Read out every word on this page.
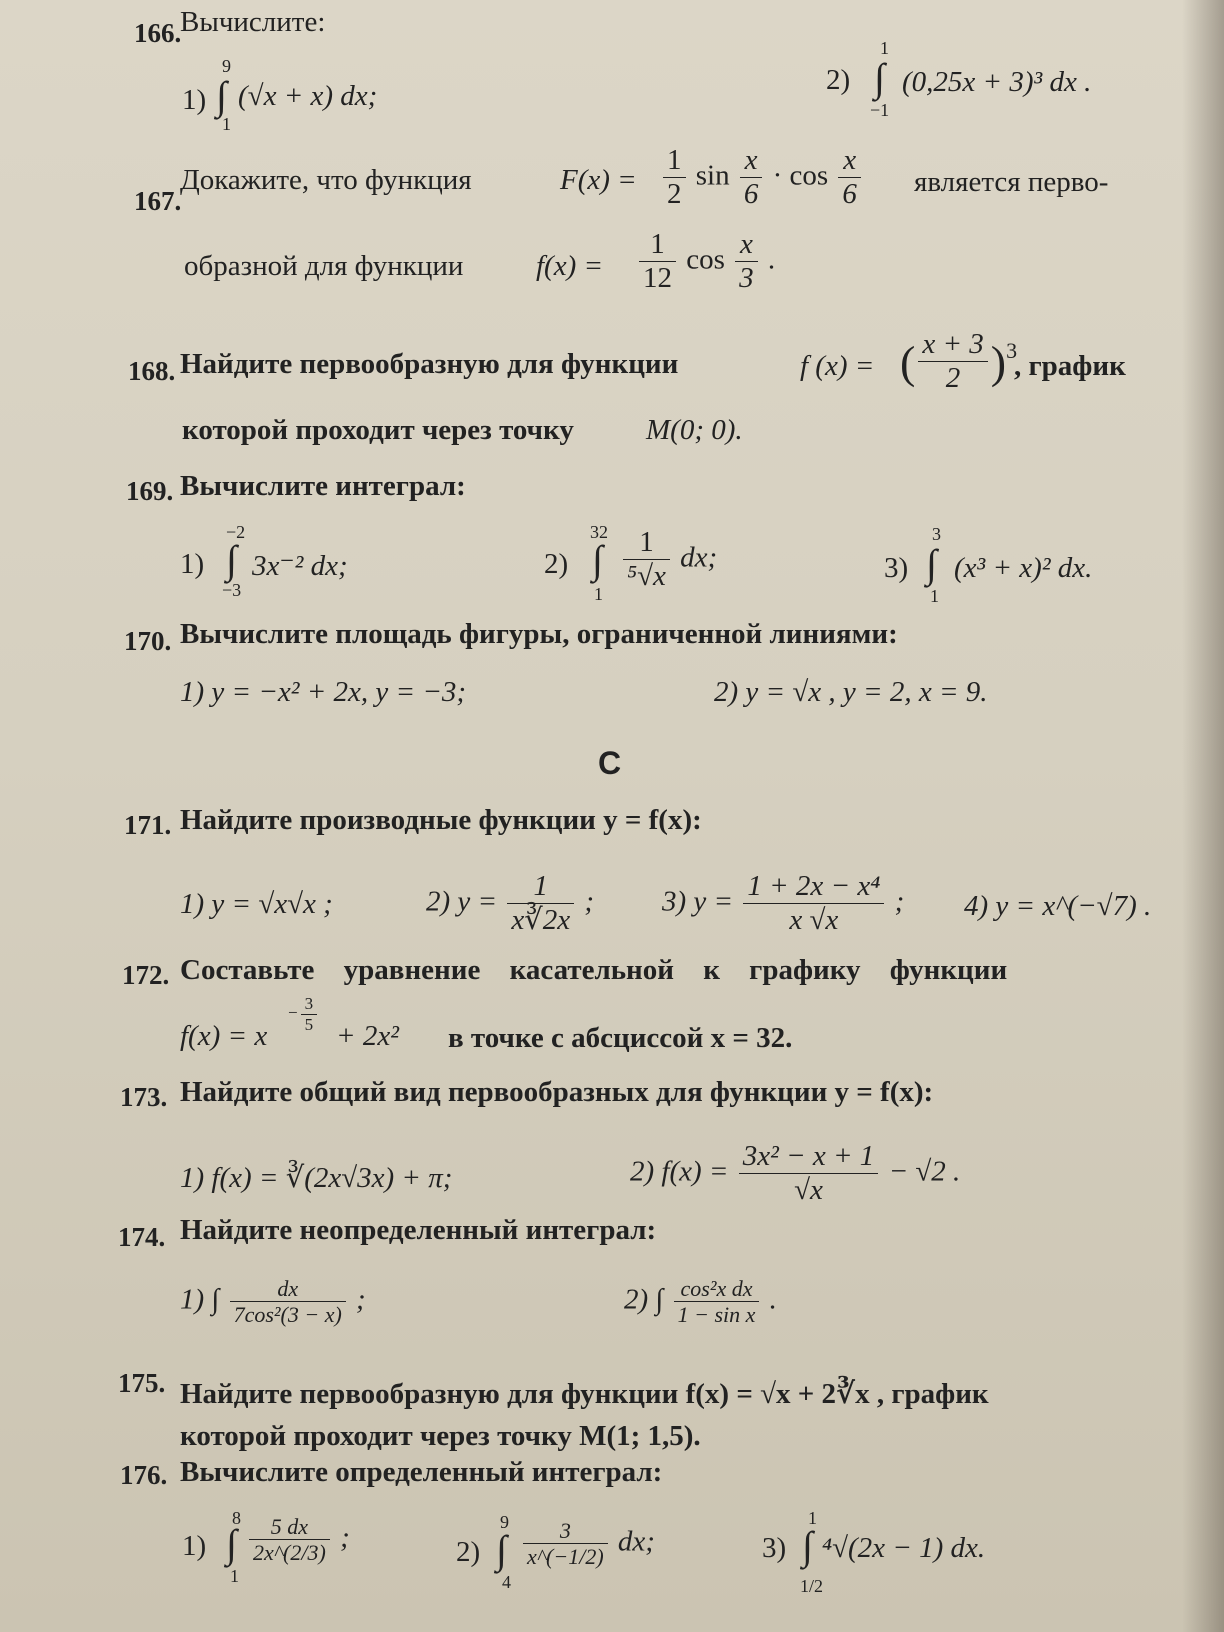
166.
Вычислите:
1)
9
∫
1
(√x + x) dx;	2)
1
∫
−1
(0,25x + 3)³ dx .
167.
Докажите, что функция	$F(x) = \frac{1}{2}$ $\sin \frac{x}{6} \cdot \cos \frac{x}{6}$ является перво-
образной для функции	$f(x) = \frac{1}{12}$ $\cos \frac{x}{3}$ .
168. Найдите первообразную для функции	f (x) = ( $\frac{x + 3}{2} )^3$
, график
которой проходит через точку M(0; 0).
169. Вычислите интеграл:
1)
−2
∫
−3
3x⁻² dx;	2)
32
∫
1
$\frac{1}{\text{⁵√x}}$ dx;	3)
3
∫
1
(x³ + x)² dx.
170. Вычислите площадь фигуры, ограниченной линиями:
1) y = −x² + 2x, y = −3;	2) y = √x , y = 2, x = 9.
C
171. Найдите производные функции y = f(x):
1) y = √x√x ;	2) $y = \frac{1}{x∛2x}$ ; 3) $y = \frac{\text{1 + 2x − x⁴}}{x √x}$ ; 4) y = x^(−√7) .
172. Составьте уравнение касательной к графику функции
f(x) = x
− $\frac{3}{5}$
+ 2x² в точке с абсциссой x = 32.
173. Найдите общий вид первообразных для функции y = f(x):
1) f(x) = ∛(2x√3x) + π;	2) $f(x) = \frac{\text{3x² − x + 1}}{√x} - √2$ .
174. Найдите неопределенный интеграл:
1) ∫ $\frac{dx}{\text{7cos²(3 − x)}}$ ;	2) ∫ $\frac{\text{cos²x dx}}{\text{1 − sin x}}$ .
175. Найдите первообразную для функции f(x) = √x + 2∛x , график
которой проходит через точку M(1; 1,5).
176. Вычислите определенный интеграл:
1)
8
∫
1
$\frac{5 dx}{2x\^{}(2/3)}$ ;	2)
9
∫
4
$\frac{3}{x\^{}(-1/2)}$ dx;	3)
1
∫
1/2
⁴√(2x − 1) dx.
